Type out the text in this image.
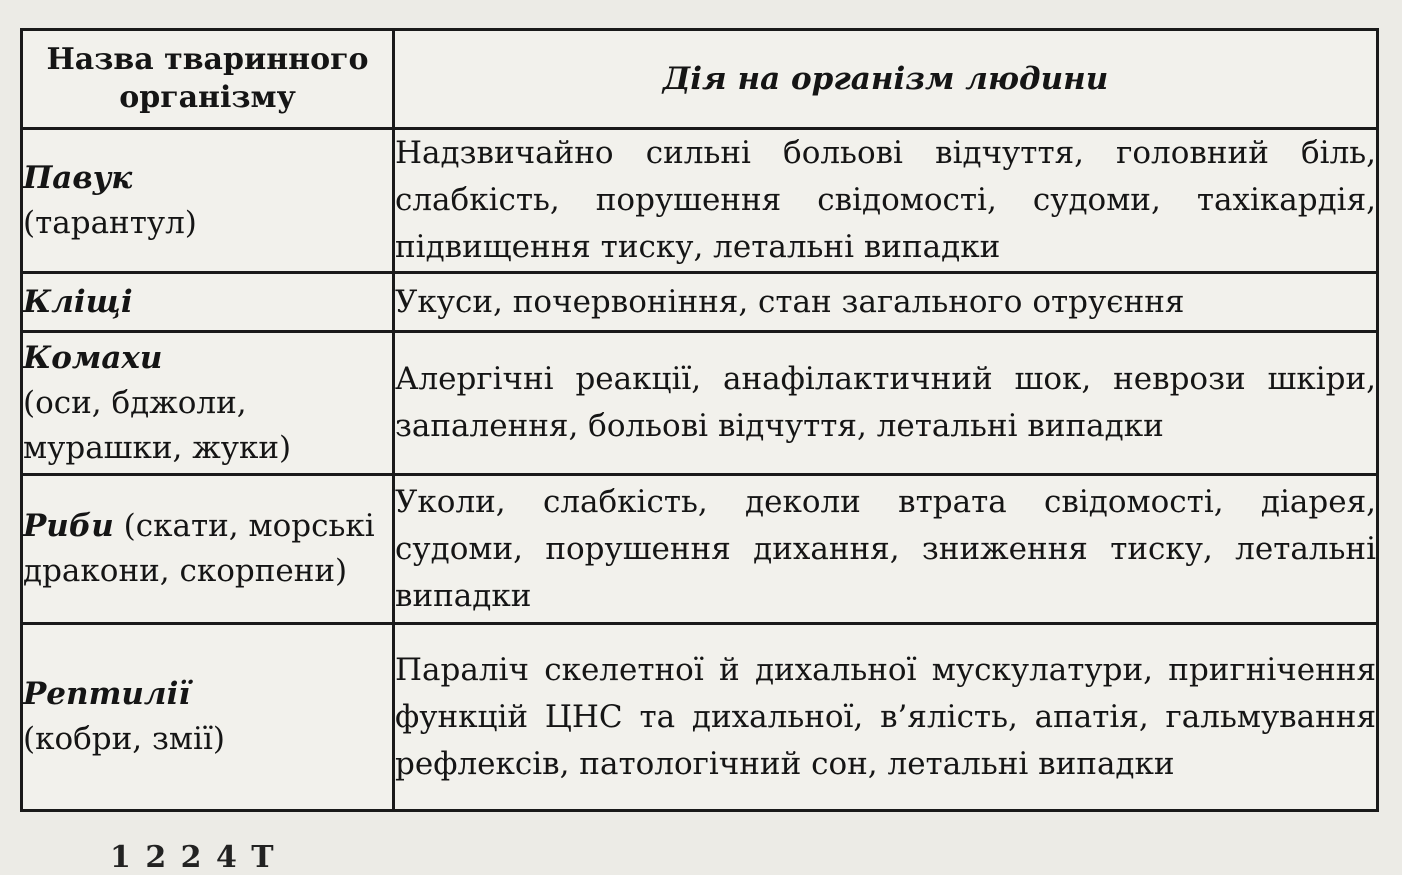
Назва тваринного організму	Дія на організм людини
Павук
(тарантул)	Надзвичайно сильні больові відчуття, головний біль, слабкість, порушення свідомості, судоми, тахікардія, підвищення тиску, летальні випадки
Кліщі	Укуси, почервоніння, стан загального отруєння
Комахи
(оси, бджоли, мурашки, жуки)	Алергічні реакції, анафілактичний шок, неврози шкіри, запалення, больові відчуття, летальні випадки
Риби (скати, морські дракони, скорпени)	Уколи, слабкість, деколи втрата свідомості, діарея, судоми, порушення дихання, зниження тиску, летальні випадки
Рептилії
(кобри, змії)	Параліч скелетної й дихальної мускулатури, пригнічення функцій ЦНС та дихальної, в’ялість, апатія, гальмування рефлексів, патологічний сон, летальні випадки
1 2 2 4 Т
